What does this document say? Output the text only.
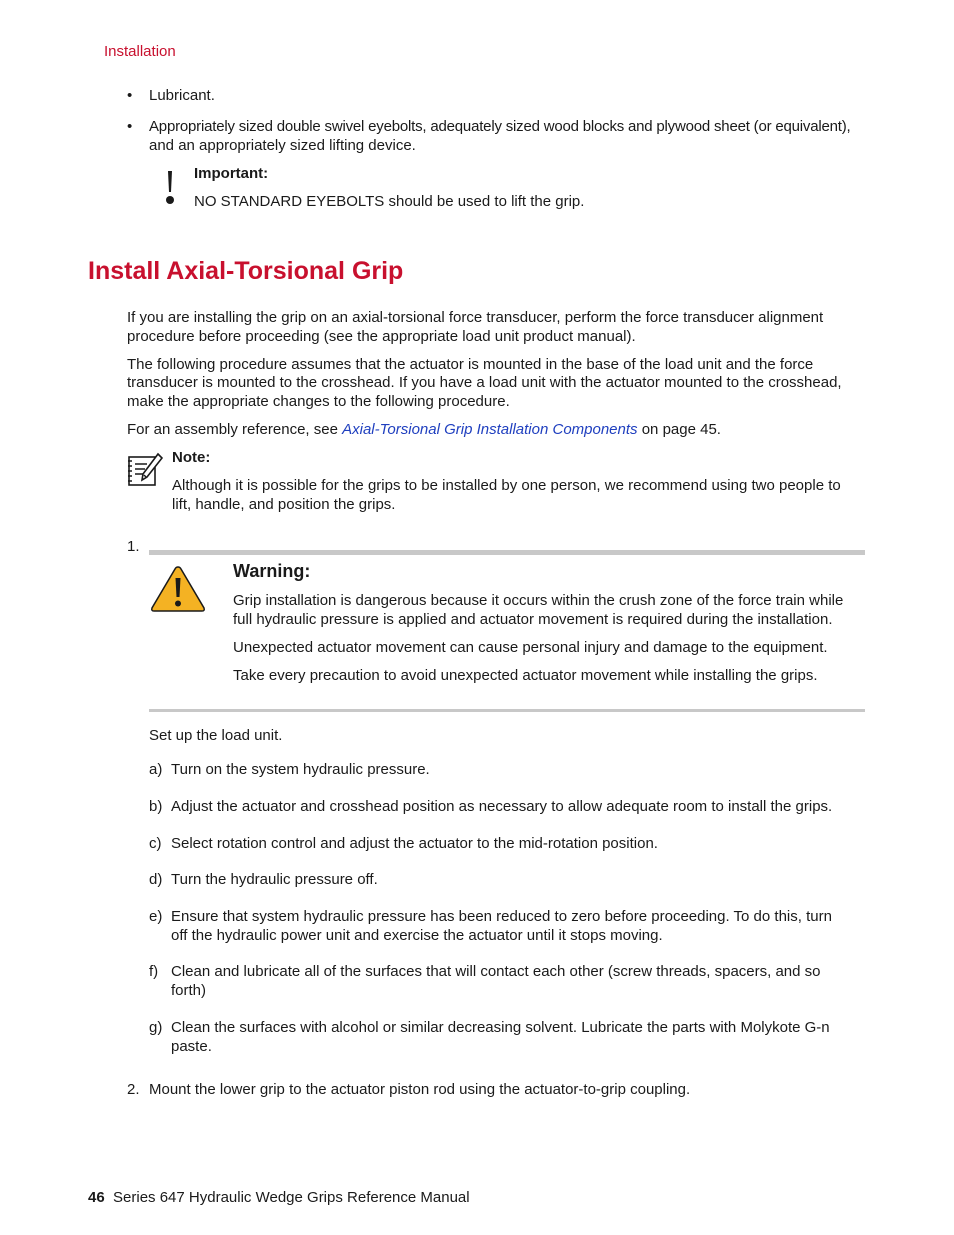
Installation
• Lubricant.
• Appropriately sized double swivel eyebolts, adequately sized wood blocks and plywood sheet (or equivalent),
and an appropriately sized lifting device.
Important:
NO STANDARD EYEBOLTS should be used to lift the grip.
Install Axial-Torsional Grip
If you are installing the grip on an axial-torsional force transducer, perform the force transducer alignment
procedure before proceeding (see the appropriate load unit product manual).
The following procedure assumes that the actuator is mounted in the base of the load unit and the force
transducer is mounted to the crosshead. If you have a load unit with the actuator mounted to the crosshead,
make the appropriate changes to the following procedure.
For an assembly reference, see Axial-Torsional Grip Installation Components on page 45.
Note:
Although it is possible for the grips to be installed by one person, we recommend using two people to
lift, handle, and position the grips.
1.
Warning:
Grip installation is dangerous because it occurs within the crush zone of the force train while
full hydraulic pressure is applied and actuator movement is required during the installation.
Unexpected actuator movement can cause personal injury and damage to the equipment.
Take every precaution to avoid unexpected actuator movement while installing the grips.
Set up the load unit.
a) Turn on the system hydraulic pressure.
b) Adjust the actuator and crosshead position as necessary to allow adequate room to install the grips.
c) Select rotation control and adjust the actuator to the mid-rotation position.
d) Turn the hydraulic pressure off.
e) Ensure that system hydraulic pressure has been reduced to zero before proceeding. To do this, turn
off the hydraulic power unit and exercise the actuator until it stops moving.
f) Clean and lubricate all of the surfaces that will contact each other (screw threads, spacers, and so
forth)
g) Clean the surfaces with alcohol or similar decreasing solvent. Lubricate the parts with Molykote G-n
paste.
2. Mount the lower grip to the actuator piston rod using the actuator-to-grip coupling.
46 Series 647 Hydraulic Wedge Grips Reference Manual
